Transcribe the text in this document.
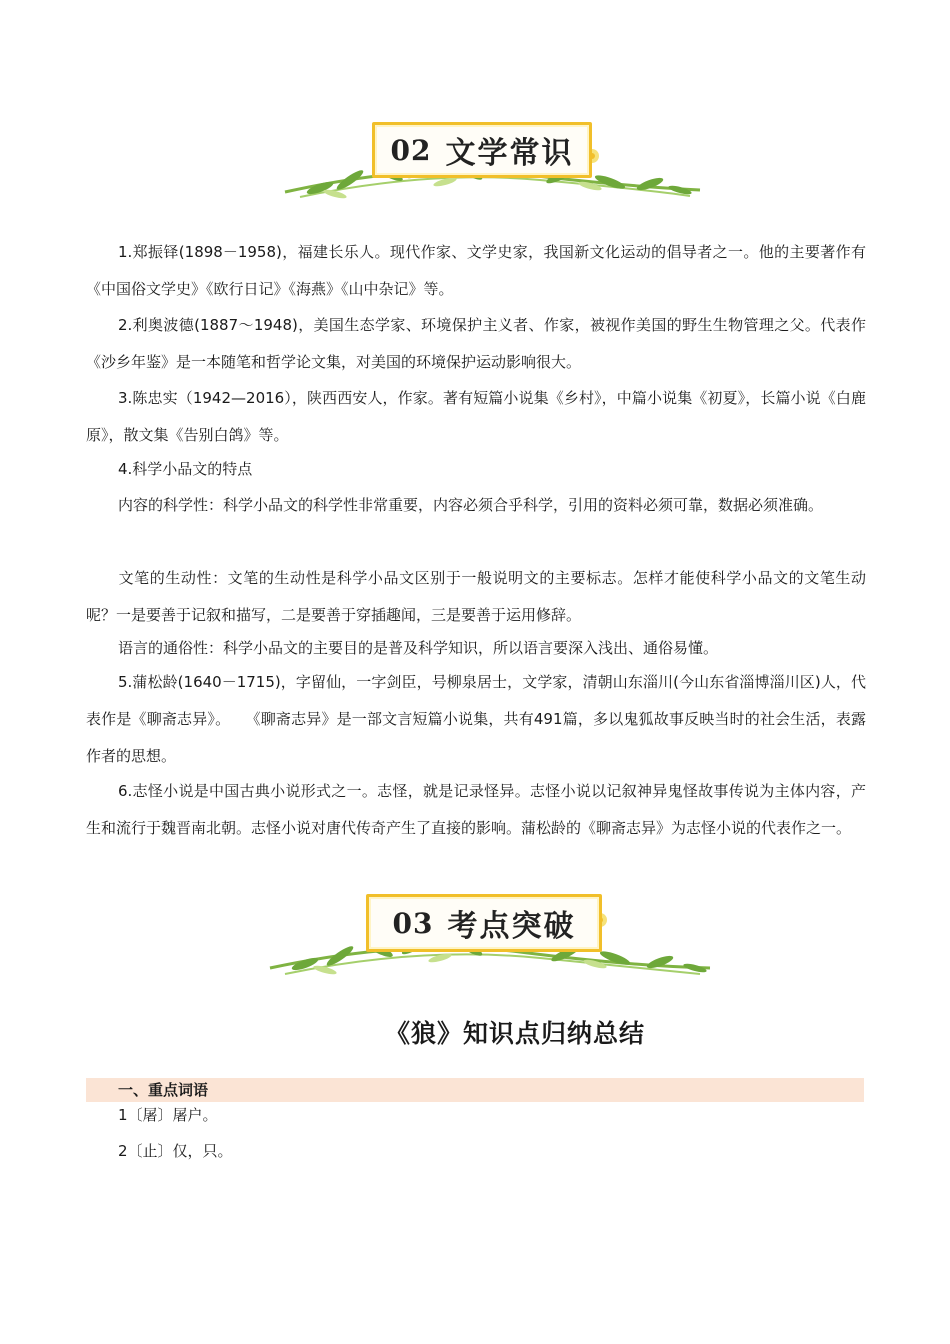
02 文学常识

1.郑振铎(1898－1958)，福建长乐人。现代作家、文学史家，我国新文化运动的倡导者之一。他的主要著作有《中国俗文学史》《欧行日记》《海燕》《山中杂记》等。

2.利奥波德(1887～1948)，美国生态学家、环境保护主义者、作家，被视作美国的野生生物管理之父。代表作《沙乡年鉴》是一本随笔和哲学论文集，对美国的环境保护运动影响很大。

3.陈忠实（1942—2016），陕西西安人，作家。著有短篇小说集《乡村》，中篇小说集《初夏》，长篇小说《白鹿原》，散文集《告别白鸽》等。

4.科学小品文的特点

内容的科学性：科学小品文的科学性非常重要，内容必须合乎科学，引用的资料必须可靠，数据必须准确。

文笔的生动性：文笔的生动性是科学小品文区别于一般说明文的主要标志。怎样才能使科学小品文的文笔生动呢？一是要善于记叙和描写，二是要善于穿插趣闻，三是要善于运用修辞。

语言的通俗性：科学小品文的主要目的是普及科学知识，所以语言要深入浅出、通俗易懂。

5.蒲松龄(1640－1715)，字留仙，一字剑臣，号柳泉居士，文学家，清朝山东淄川(今山东省淄博淄川区)人，代表作是《聊斋志异》。　　《聊斋志异》是一部文言短篇小说集，共有491篇，多以鬼狐故事反映当时的社会生活，表露作者的思想。

6.志怪小说是中国古典小说形式之一。志怪，就是记录怪异。志怪小说以记叙神异鬼怪故事传说为主体内容，产生和流行于魏晋南北朝。志怪小说对唐代传奇产生了直接的影响。蒲松龄的《聊斋志异》为志怪小说的代表作之一。

03 考点突破
《狼》知识点归纳总结
一、重点词语
1〔屠〕屠户。
2〔止〕仅，只。
